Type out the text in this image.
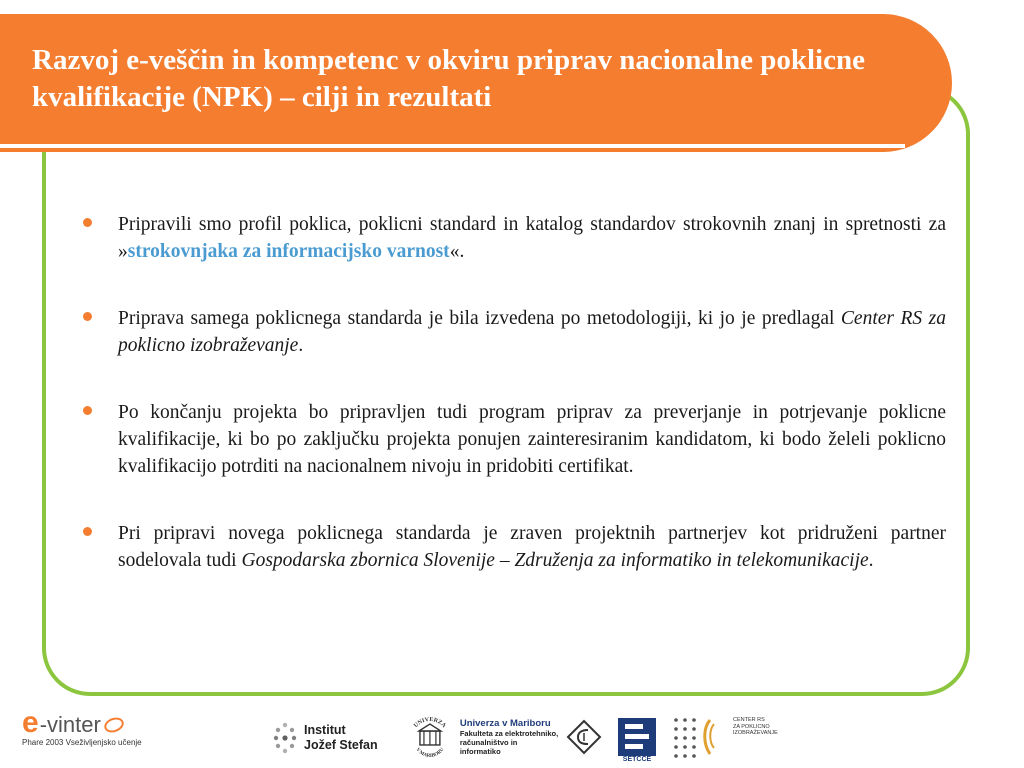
Razvoj e-veščin in kompetenc v okviru priprav nacionalne poklicne kvalifikacije (NPK) – cilji in rezultati
Pripravili smo profil poklica, poklicni standard in katalog standardov strokovnih znanj in spretnosti za »strokovnjaka za informacijsko varnost«.
Priprava samega poklicnega standarda je bila izvedena po metodologiji, ki jo je predlagal Center RS za poklicno izobraževanje.
Po končanju projekta bo pripravljen tudi program priprav za preverjanje in potrjevanje poklicne kvalifikacije, ki bo po zaključku projekta ponujen zainteresiranim kandidatom, ki bodo želeli poklicno kvalifikacijo potrditi na nacionalnem nivoju in pridobiti certifikat.
Pri pripravi novega poklicnega standarda je zraven projektnih partnerjev kot pridruženi partner sodelovala tudi Gospodarska zbornica Slovenije – Združenja za informatiko in telekomunikacije.
e -vinter
Phare 2003 Vseživljenjsko učenje
Institut
Jožef Stefan
UNIVERZA
V MARIBORU
Univerza v Mariboru
Fakulteta za elektrotehniko,
računalništvo in informatiko
SETCCE
CENTER RS
ZA POKLICNO
IZOBRAŽEVANJE
